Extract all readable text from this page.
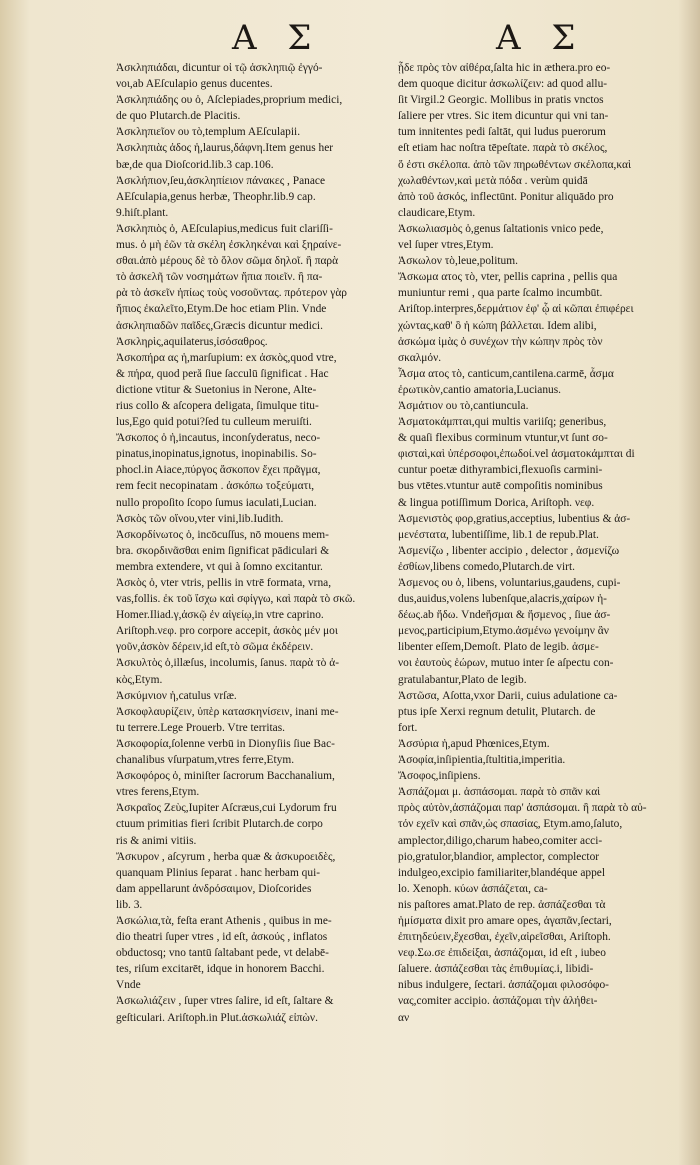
Α Σ	Α Σ
Ἀσκληπιάδαι, dicuntur οἱ τῷ ἀσκληπιῷ ἐγγό-
νοι,ab AEſculapio genus ducentes.
Ἀσκληπιάδης ου ὁ, Aſclepiades,proprium medici,
de quo Plutarch.de Placitis.
Ἀσκληπιεῖον ου τὸ,templum AEſculapii.
Ἀσκληπιὰς ἀδος ἡ,laurus,δάφνη.Item genus her
bæ,de qua Dioſcorid.lib.3 cap.106.
Ἀσκλήπιον,ſeu,ἀσκληπίειον πάνακες , Panace
AEſculapia,genus herbæ, Theophr.lib.9 cap.
9.hiſt.plant.
Ἀσκληπιὸς ὁ, AEſculapius,medicus fuit clariſſi-
mus. ὁ μὴ ἐῶν τὰ σκέλη ἐσκληκέναι καὶ ξηραίνε-
σθαι.ἀπὸ μέρους δὲ τὸ ὅλον σῶμα δηλοῖ. ἢ παρὰ
τὸ ἀσκελῆ τῶν νοσημάτων ἤπια ποιεῖν. ἢ πα-
ρὰ τὸ ἀσκεῖν ἠπίως τοὺς νοσοῦντας. πρότερον γὰρ
ἤπιος ἐκαλεῖτο,Etym.De hoc etiam Plin. Vnde
ἀσκληπιαδῶν παῖδες,Græcis dicuntur medici.
Ἀσκληρὶς,aquilaterus,ἰσόσαθρος.
Ἀσκοπήρα ας ἡ,marſupium: ex ἀσκὸς,quod vtre,
& πήρα, quod peră ſiue ſacculū ſignificat . Hac
dictione vtitur & Suetonius in Nerone, Alte-
rius collo & aſcopera deligata, ſimulque titu-
lus,Ego quid potui?ſed tu culleum meruiſti.
Ἄσκοπος ὁ ἡ,incautus, inconſyderatus, neco-
pinatus,inopinatus,ignotus, inopinabilis. So-
phocl.in Aiace,πύργος ἄσκοπον ἔχει πρᾶγμα,
rem fecit necopinatam . ἀσκόπω τοξεύματι,
nullo propoſito ſcopo ſumus iaculati,Lucian.
Ἀσκὸς τῶν οἴνου,vter vini,lib.Iudith.
Ἀσκορδίνωτος ὁ, incōcuſſus, nō mouens mem-
bra. σκορδινᾶσθαι enim ſignificat pādiculari &
membra extendere, vt qui à ſomno excitantur.
Ἀσκὸς ὁ, vter vtris, pellis in vtrē formata, vrna,
vas,follis. ἐκ τοῦ ἴσχω καὶ σφίγγω, καὶ παρὰ τὸ σκῶ.
Homer.Iliad.γ,ἀσκῷ ἐν αἰγείῳ,in vtre caprino.
Ariſtoph.νεφ. pro corpore accepit, ἀσκὸς μέν μοι
γοῦν,ἀσκὸν δέρειν,id eſt,τὸ σῶμα ἐκδέρειν.
Ἀσκυλτὸς ὁ,illæſus, incolumis, ſanus. παρὰ τὸ ἀ-
κὸς,Etym.
Ἀσκύμνιον ἡ,catulus vrſæ.
Ἀσκοφλαυρίζειν, ὑπὲρ κατασκηνίσειν, inani me-
tu terrere.Lege Prouerb. Vtre territas.
Ἀσκοφορία,ſolenne verbū in Dionyſiis ſiue Bac-
chanalibus vſurpatum,vtres ferre,Etym.
Ἀσκοφόρος ὁ, miniſter ſacrorum Bacchanalium,
vtres ferens,Etym.
Ἀσκραῖος Ζεὺς,Iupiter Aſcræus,cui Lydorum fru
ctuum primitias fieri ſcribit Plutarch.de corpo
ris & animi vitiis.
Ἄσκυρον , aſcyrum , herba quæ & ἀσκυροειδὲς,
quanquam Plinius ſeparat . hanc herbam qui-
dam appellarunt ἀνδρόσαιμον, Dioſcorides
lib. 3.
Ἀσκώλια,τὰ, feſta erant Athenis , quibus in me-
dio theatri ſuper vtres , id eſt, ἀσκούς , inflatos
obductosq; vno tantū ſaltabant pede, vt delabē-
tes, riſum excitarēt, idque in honorem Bacchi.
Vnde
Ἀσκωλιάζειν , ſuper vtres ſalire, id eſt, ſaltare &
geſticulari. Ariſtoph.in Plut.ἀσκωλιάζ εἰπὼν.
ᾗδε πρὸς τὸν αἰθέρα,ſalta hic in æthera.pro eo-
dem quoque dicitur ἀσκωλίζειν: ad quod allu-
ſit Virgil.2 Georgic. Mollibus in pratis vnctos
ſaliere per vtres. Sic item dicuntur qui vni tan-
tum innitentes pedi ſaltāt, qui ludus puerorum
eſt etiam hac noſtra tēpeſtate. παρὰ τὸ σκέλος,
ὅ ἐστι σκέλοπα. ἀπὸ τῶν πηρωθέντων σκέλοπα,καὶ
χωλαθέντων,καὶ μετὰ πόδα . verùm quidā
ἀπὸ τοῦ ἀσκός, inflectūnt. Ponitur aliquādo pro
claudicare,Etym.
Ἀσκωλιασμὸς ὁ,genus ſaltationis vnico pede,
vel ſuper vtres,Etym.
Ἀσκωλον τὸ,leue,politum.
Ἄσκωμα ατος τὸ, vter, pellis caprina , pellis qua
muniuntur remi , qua parte ſcalmo incumbūt.
Ariſtop.interpres,δερμάτιον ἐφ' ᾧ αἱ κῶπαι ἐπιφέρει
χώντας,καθ' ὃ ἡ κώπη βάλλεται. Idem alibi,
ἀσκώμα ἱμὰς ὁ συνέχων τὴν κώπην πρὸς τὸν
σκαλμόν.
Ἆσμα ατος τὸ, canticum,cantilena.carmē, ἆσμα
ἐρωτικὸν,cantio amatoria,Lucianus.
Ἀσμάτιον ου τὸ,cantiuncula.
Ἀσματοκάμπται,qui multis variiſq; generibus,
& quaſi flexibus corminum vtuntur,vt ſunt σο-
φισταὶ,καὶ ὑπέρσοφοι,ἐπωδοί.vel ἀσματοκάμπται di
cuntur poetæ dithyrambici,flexuoſis carmini-
bus vtētes.vtuntur autē compoſitis nominibus
& lingua potiſſimum Dorica, Ariſtoph. νεφ.
Ἀσμενιστὸς φορ,gratius,acceptius, lubentius & ἀσ-
μενέστατα, lubentiſſime, lib.1 de repub.Plat.
Ἀσμενίζω , libenter accipio , delector , ἀσμενίζω
ἐσθίων,libens comedo,Plutarch.de virt.
Ἀσμενος ου ὁ, libens, voluntarius,gaudens, cupi-
dus,auidus,volens lubenſque,alacris,χαίρων ἡ-
δέως.ab ἥδω. Vndeἥσμαι & ἥσμενος , ſiue ἀσ-
μενος,participium,Etymo.ἀσμένω γενοίμην ἂν
libenter eſſem,Demoſt. Plato de legib. ἀσμε-
νοι ἑαυτοὺς ἑώρων, mutuo inter ſe aſpectu con-
gratulabantur,Plato de legib.
Ἀστῶσα, Aſotta,vxor Darii, cuius adulatione ca-
ptus ipſe Xerxi regnum detulit, Plutarch. de
fort.
Ἀσσύρια ἡ,apud Phœnices,Etym.
Ἀσοφία,inſipientia,ſtultitia,imperitia.
Ἄσοφος,inſipiens.
Ἀσπάζομαι μ. ἀσπάσομαι. παρὰ τὸ σπᾶν καὶ
πρὸς αὐτὸν,ἀσπάζομαι παρ' ἀσπάσομαι. ἢ παρὰ τὸ αὐ-
τόν εχεῖν καὶ σπᾶν,ὡς σπασίας, Etym.amo,ſaluto,
amplector,diligo,charum habeo,comiter acci-
pio,gratulor,blandior, amplector, complector
indulgeo,excipio familiariter,blandéque appel
lo. Xenoph. κύων ἀσπάζεται, ca-
nis paſtores amat.Plato de rep. ἀσπάζεσθαι τὰ
ἡμίσματα dixit pro amare opes, ἀγαπᾶν,ſectari,
ἐπιτηδεύειν,ἔχεσθαι, ἐχεῖν,αἱρεῖσθαι, Ariſtoph.
νεφ.Σω.σε ἐπιδείξαι, ἀσπάζομαι, id eſt , iubeo
ſaluere. ἀσπάζεσθαι τὰς ἐπιθυμίας.i, libidi-
nibus indulgere, ſectari. ἀσπάζομαι φιλοσόφο-
νας,comiter accipio. ἀσπάζομαι τὴν ἀλήθει-
αν
